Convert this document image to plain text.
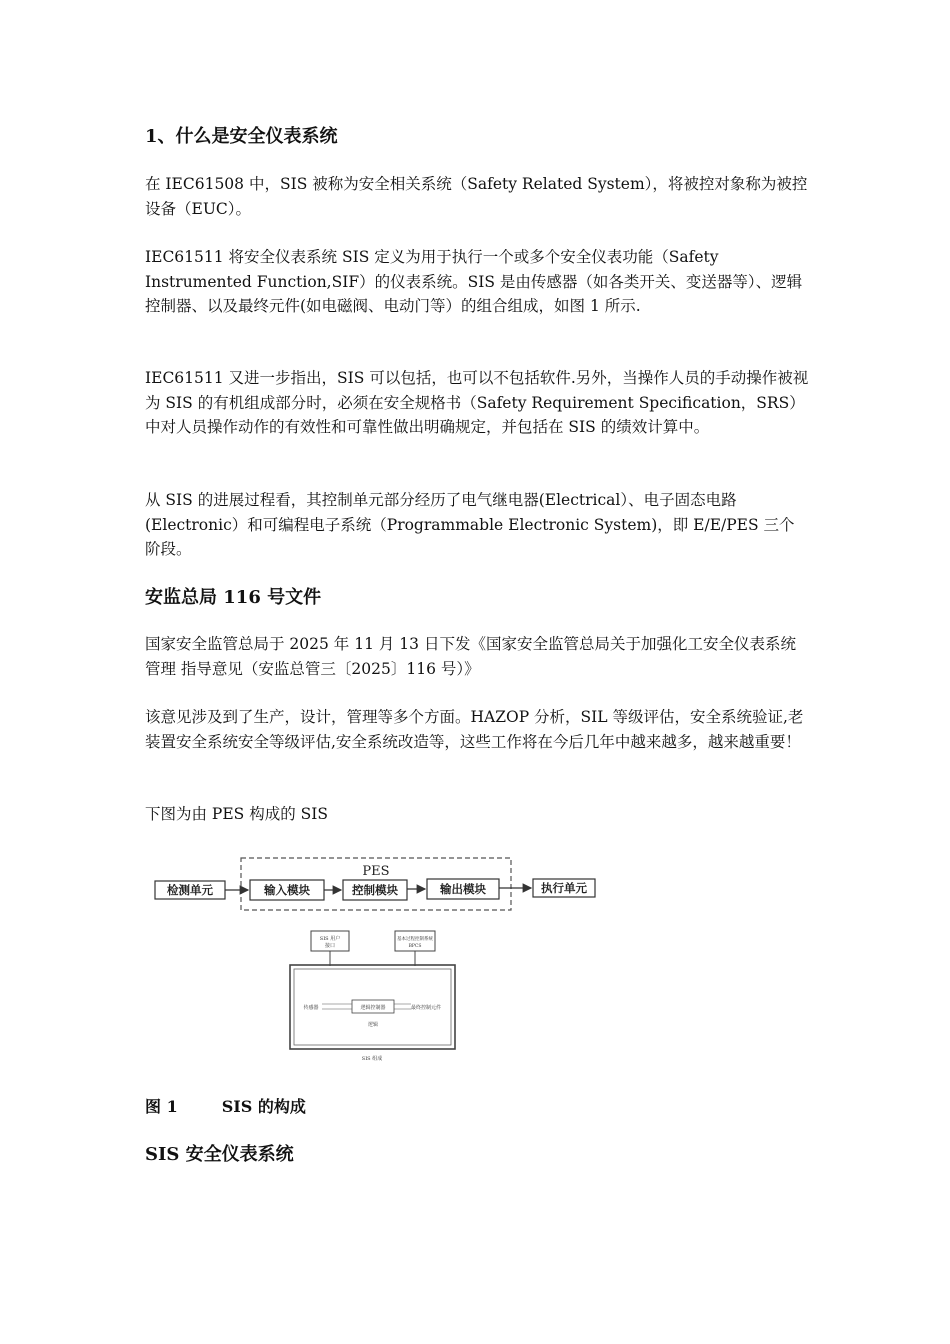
1、什么是安全仪表系统

在 IEC61508 中，SIS 被称为安全相关系统（Safety Related System），将被控对象称为被控设备（EUC）。

IEC61511 将安全仪表系统 SIS 定义为用于执行一个或多个安全仪表功能（Safety Instrumented Function,SIF）的仪表系统。SIS 是由传感器（如各类开关、变送器等）、逻辑控制器、以及最终元件(如电磁阀、电动门等）的组合组成，如图 1 所示.

IEC61511 又进一步指出，SIS 可以包括，也可以不包括软件.另外，当操作人员的手动操作被视为 SIS 的有机组成部分时，必须在安全规格书（Safety Requirement Specification，SRS）中对人员操作动作的有效性和可靠性做出明确规定，并包括在 SIS 的绩效计算中。

从 SIS 的进展过程看，其控制单元部分经历了电气继电器(Electrical）、电子固态电路(Electronic）和可编程电子系统（Programmable Electronic System)，即 E/E/PES 三个阶段。

安监总局 116 号文件

国家安全监管总局于 2025 年 11 月 13 日下发《国家安全监管总局关于加强化工安全仪表系统管理 指导意见（安监总管三〔2025〕116 号）》

该意见涉及到了生产，设计，管理等多个方面。HAZOP 分析，SIL 等级评估，安全系统验证,老装置安全系统安全等级评估,安全系统改造等，这些工作将在今后几年中越来越多，越来越重要！

下图为由 PES 构成的 SIS

PES
检测单元	输入模块	控制模块	输出模块	执行单元
SIS 用户
接口
基本过程控制系统
BPCS
传感器	逻辑控制器	最终控制元件
逻辑
SIS 组成
图 1	SIS 的构成
SIS 安全仪表系统
